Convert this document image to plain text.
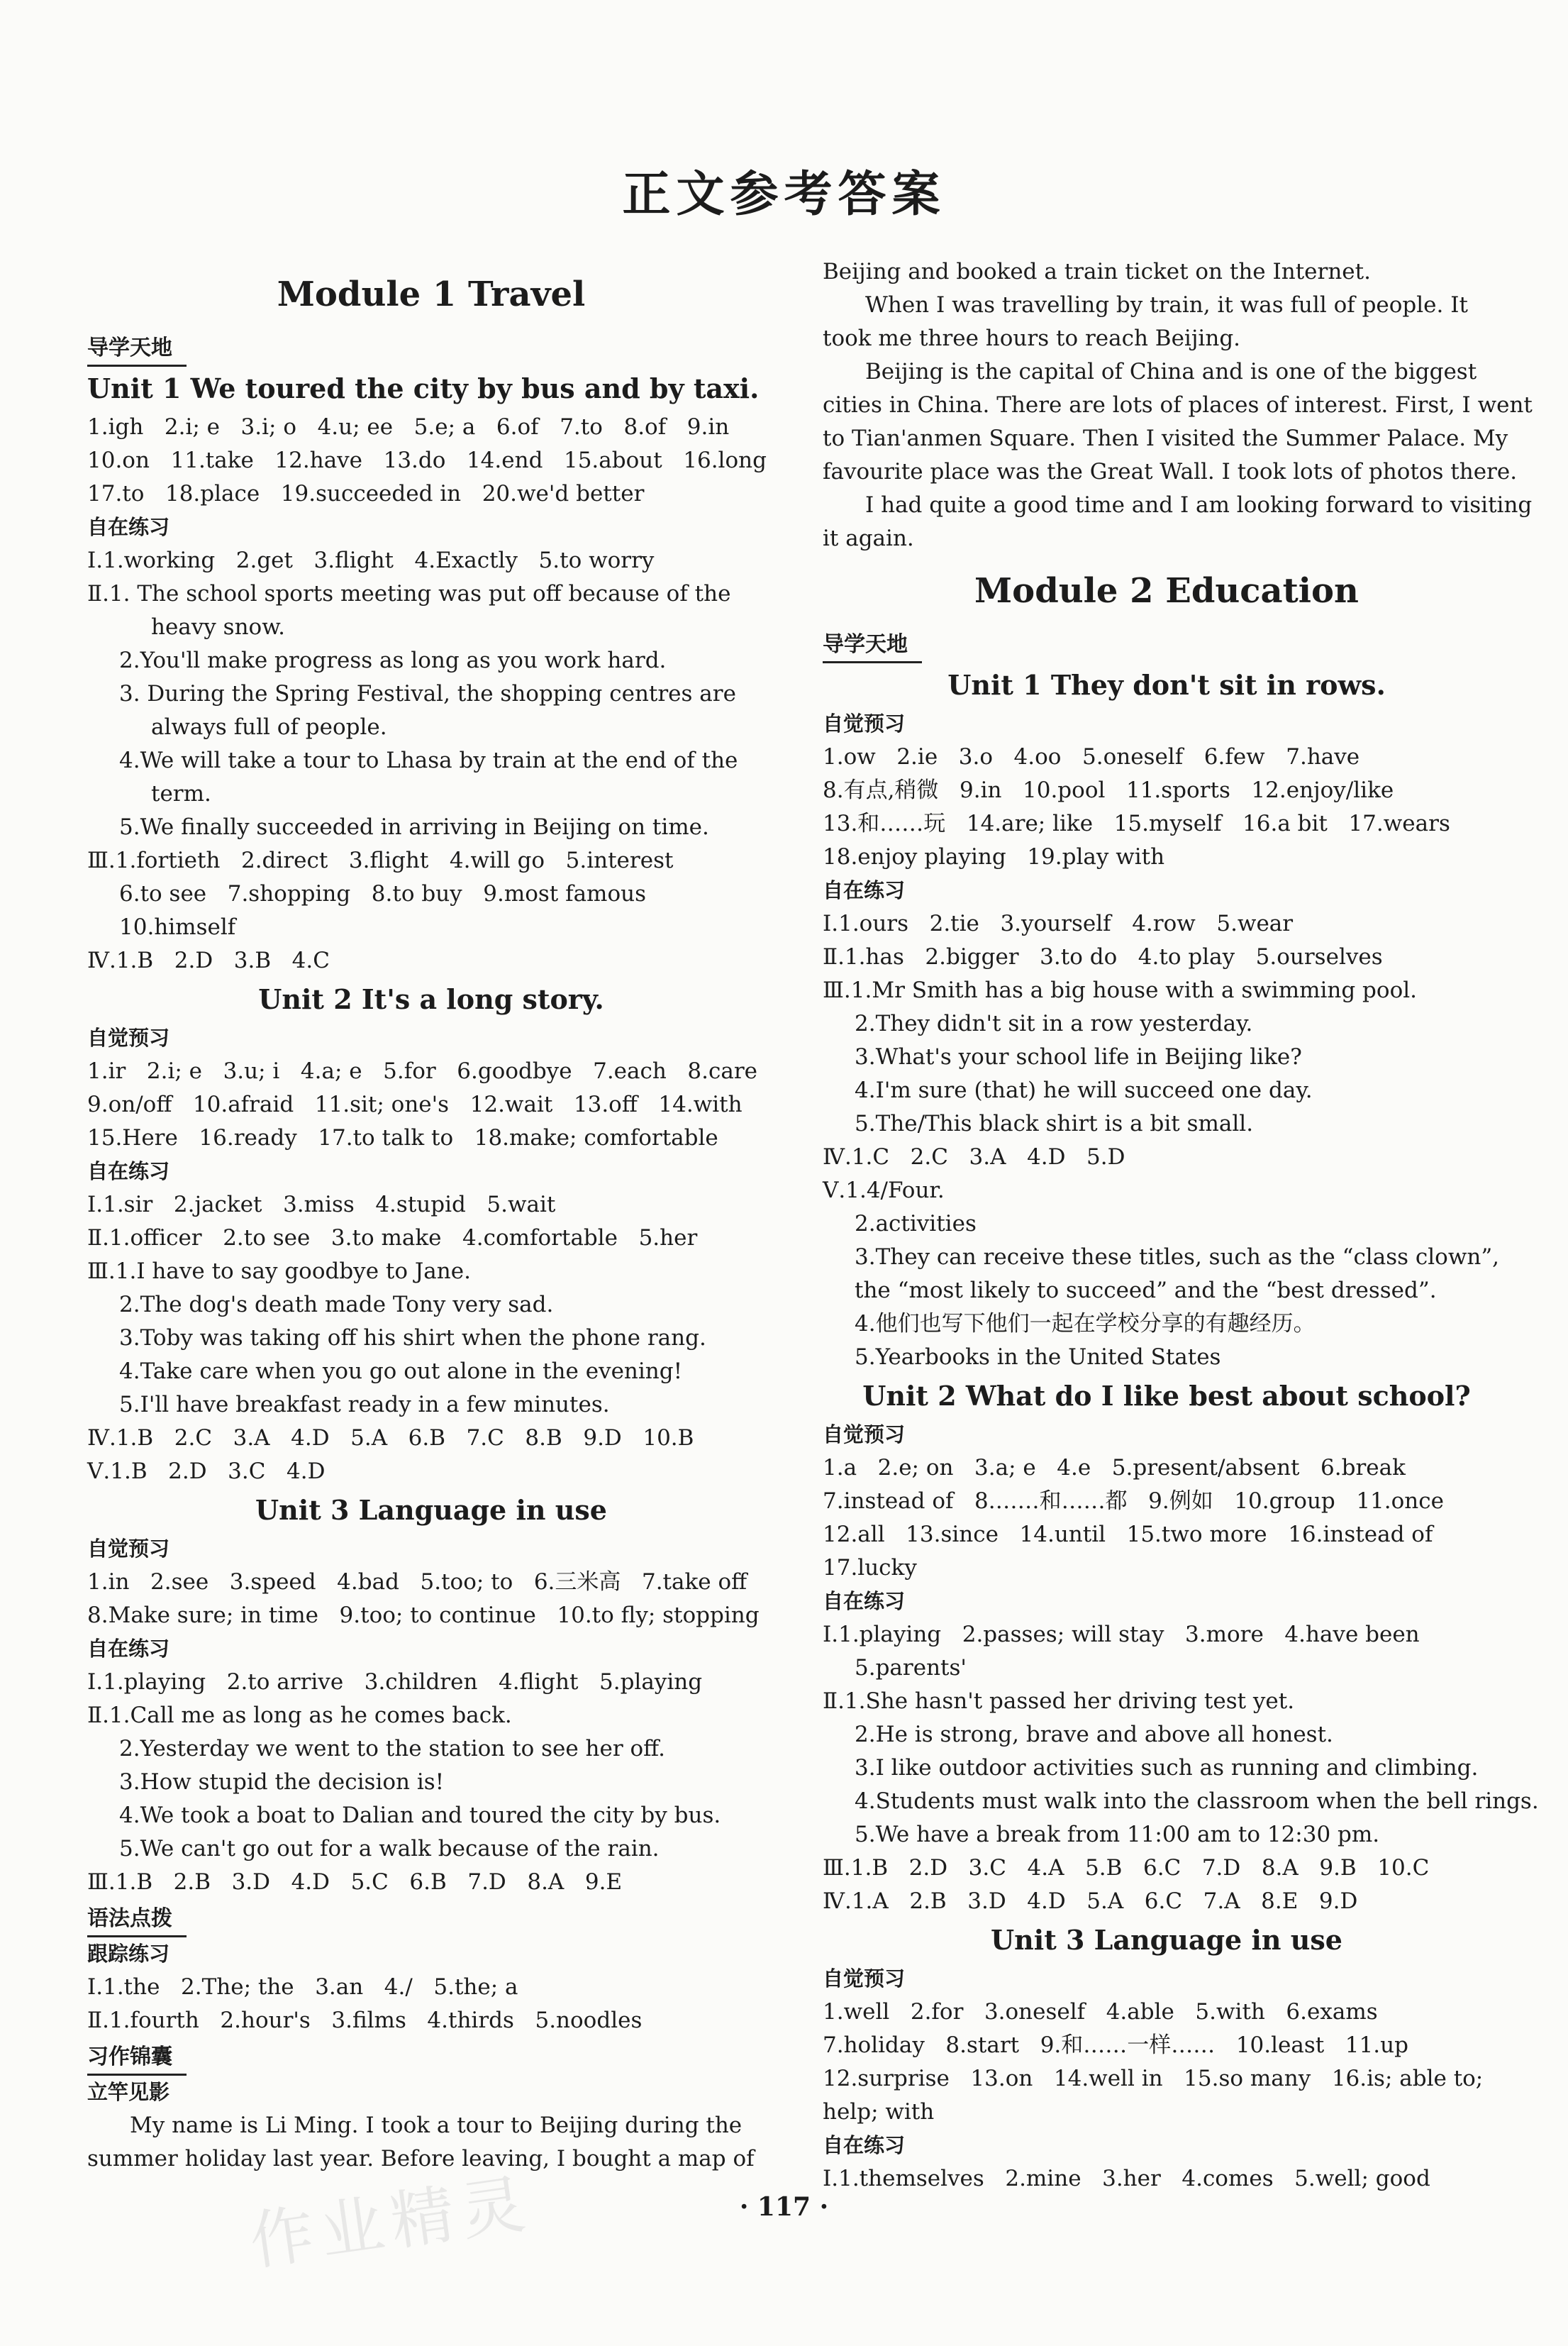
正文参考答案
Module 1 Travel
导学天地
Unit 1 We toured the city by bus and by taxi.
1.igh   2.i; e   3.i; o   4.u; ee   5.e; a   6.of   7.to   8.of   9.in
10.on   11.take   12.have   13.do   14.end   15.about   16.long
17.to   18.place   19.succeeded in   20.we'd better
自在练习
Ⅰ.1.working   2.get   3.flight   4.Exactly   5.to worry
Ⅱ.1. The school sports meeting was put off because of the
heavy snow.
2.You'll make progress as long as you work hard.
3. During the Spring Festival, the shopping centres are
always full of people.
4.We will take a tour to Lhasa by train at the end of the
term.
5.We finally succeeded in arriving in Beijing on time.
Ⅲ.1.fortieth   2.direct   3.flight   4.will go   5.interest
6.to see   7.shopping   8.to buy   9.most famous
10.himself
Ⅳ.1.B   2.D   3.B   4.C
Unit 2 It's a long story.
自觉预习
1.ir   2.i; e   3.u; i   4.a; e   5.for   6.goodbye   7.each   8.care
9.on/off   10.afraid   11.sit; one's   12.wait   13.off   14.with
15.Here   16.ready   17.to talk to   18.make; comfortable
自在练习
Ⅰ.1.sir   2.jacket   3.miss   4.stupid   5.wait
Ⅱ.1.officer   2.to see   3.to make   4.comfortable   5.her
Ⅲ.1.I have to say goodbye to Jane.
2.The dog's death made Tony very sad.
3.Toby was taking off his shirt when the phone rang.
4.Take care when you go out alone in the evening!
5.I'll have breakfast ready in a few minutes.
Ⅳ.1.B   2.C   3.A   4.D   5.A   6.B   7.C   8.B   9.D   10.B
Ⅴ.1.B   2.D   3.C   4.D
Unit 3 Language in use
自觉预习
1.in   2.see   3.speed   4.bad   5.too; to   6.三米高   7.take off
8.Make sure; in time   9.too; to continue   10.to fly; stopping
自在练习
Ⅰ.1.playing   2.to arrive   3.children   4.flight   5.playing
Ⅱ.1.Call me as long as he comes back.
2.Yesterday we went to the station to see her off.
3.How stupid the decision is!
4.We took a boat to Dalian and toured the city by bus.
5.We can't go out for a walk because of the rain.
Ⅲ.1.B   2.B   3.D   4.D   5.C   6.B   7.D   8.A   9.E
语法点拨
跟踪练习
Ⅰ.1.the   2.The; the   3.an   4./   5.the; a
Ⅱ.1.fourth   2.hour's   3.films   4.thirds   5.noodles
习作锦囊
立竿见影
My name is Li Ming. I took a tour to Beijing during the
summer holiday last year. Before leaving, I bought a map of
Beijing and booked a train ticket on the Internet.
When I was travelling by train, it was full of people. It
took me three hours to reach Beijing.
Beijing is the capital of China and is one of the biggest
cities in China. There are lots of places of interest. First, I went
to Tian'anmen Square. Then I visited the Summer Palace. My
favourite place was the Great Wall. I took lots of photos there.
I had quite a good time and I am looking forward to visiting
it again.
Module 2 Education
导学天地
Unit 1 They don't sit in rows.
自觉预习
1.ow   2.ie   3.o   4.oo   5.oneself   6.few   7.have
8.有点,稍微   9.in   10.pool   11.sports   12.enjoy/like
13.和……玩   14.are; like   15.myself   16.a bit   17.wears
18.enjoy playing   19.play with
自在练习
Ⅰ.1.ours   2.tie   3.yourself   4.row   5.wear
Ⅱ.1.has   2.bigger   3.to do   4.to play   5.ourselves
Ⅲ.1.Mr Smith has a big house with a swimming pool.
2.They didn't sit in a row yesterday.
3.What's your school life in Beijing like?
4.I'm sure (that) he will succeed one day.
5.The/This black shirt is a bit small.
Ⅳ.1.C   2.C   3.A   4.D   5.D
Ⅴ.1.4/Four.
2.activities
3.They can receive these titles, such as the “class clown”,
the “most likely to succeed” and the “best dressed”.
4.他们也写下他们一起在学校分享的有趣经历。
5.Yearbooks in the United States
Unit 2 What do I like best about school?
自觉预习
1.a   2.e; on   3.a; e   4.e   5.present/absent   6.break
7.instead of   8.……和……都   9.例如   10.group   11.once
12.all   13.since   14.until   15.two more   16.instead of
17.lucky
自在练习
Ⅰ.1.playing   2.passes; will stay   3.more   4.have been
5.parents'
Ⅱ.1.She hasn't passed her driving test yet.
2.He is strong, brave and above all honest.
3.I like outdoor activities such as running and climbing.
4.Students must walk into the classroom when the bell rings.
5.We have a break from 11:00 am to 12:30 pm.
Ⅲ.1.B   2.D   3.C   4.A   5.B   6.C   7.D   8.A   9.B   10.C
Ⅳ.1.A   2.B   3.D   4.D   5.A   6.C   7.A   8.E   9.D
Unit 3 Language in use
自觉预习
1.well   2.for   3.oneself   4.able   5.with   6.exams
7.holiday   8.start   9.和……一样……   10.least   11.up
12.surprise   13.on   14.well in   15.so many   16.is; able to;
help; with
自在练习
Ⅰ.1.themselves   2.mine   3.her   4.comes   5.well; good
作业精灵	· 117 ·
